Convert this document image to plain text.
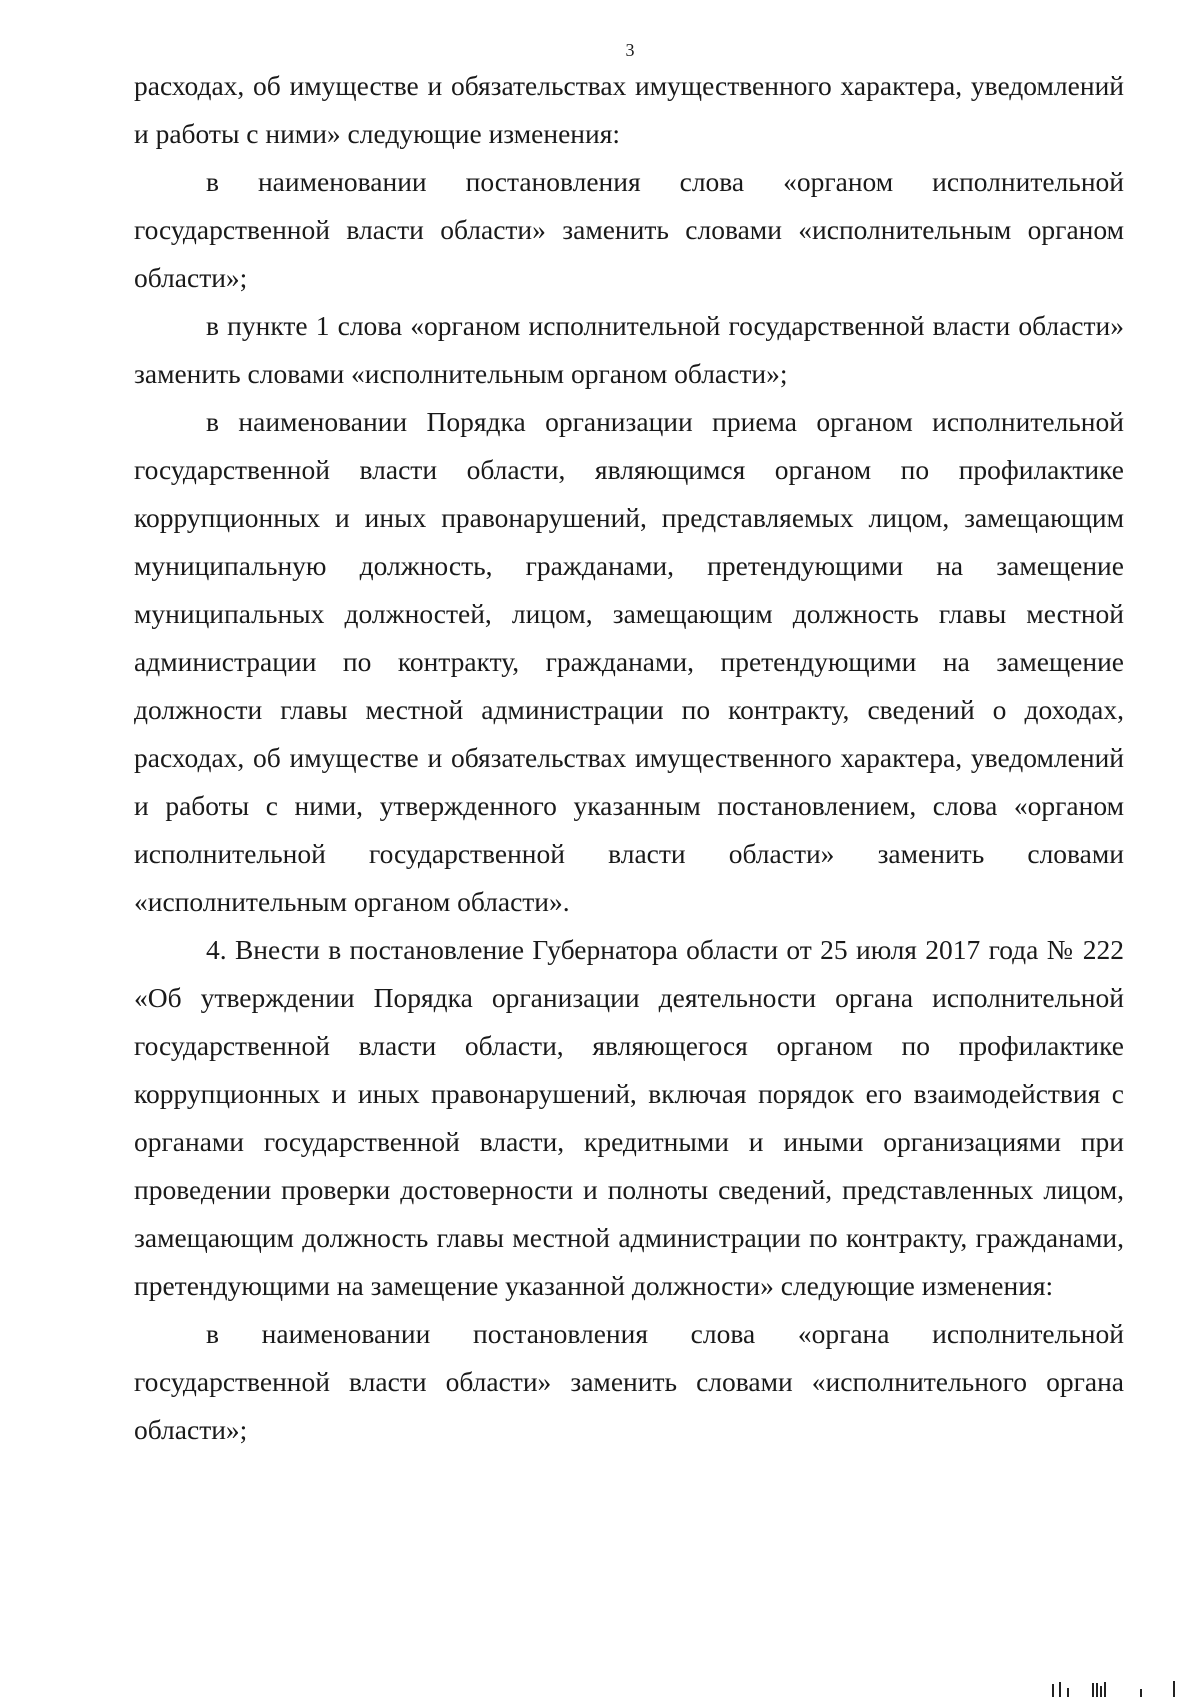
3

расходах, об имуществе и обязательствах имущественного характера, уведомлений и работы с ними» следующие изменения:

в наименовании постановления слова «органом исполнительной государственной власти области» заменить словами «исполнительным органом области»;

в пункте 1 слова «органом исполнительной государственной власти области» заменить словами «исполнительным органом области»;

в наименовании Порядка организации приема органом исполнительной государственной власти области, являющимся органом по профилактике коррупционных и иных правонарушений, представляемых лицом, замещающим муниципальную должность, гражданами, претендующими на замещение муниципальных должностей, лицом, замещающим должность главы местной администрации по контракту, гражданами, претендующими на замещение должности главы местной администрации по контракту, сведений о доходах, расходах, об имуществе и обязательствах имущественного характера, уведомлений и работы с ними, утвержденного указанным постановлением, слова «органом исполнительной государственной власти области» заменить словами «исполнительным органом области».

4. Внести в постановление Губернатора области от 25 июля 2017 года № 222 «Об утверждении Порядка организации деятельности органа исполнительной государственной власти области, являющегося органом по профилактике коррупционных и иных правонарушений, включая порядок его взаимодействия с органами государственной власти, кредитными и иными организациями при проведении проверки достоверности и полноты сведений, представленных лицом, замещающим должность главы местной администрации по контракту, гражданами, претендующими на замещение указанной должности» следующие изменения:

в наименовании постановления слова «органа исполнительной государственной власти области» заменить словами «исполнительного органа области»;
